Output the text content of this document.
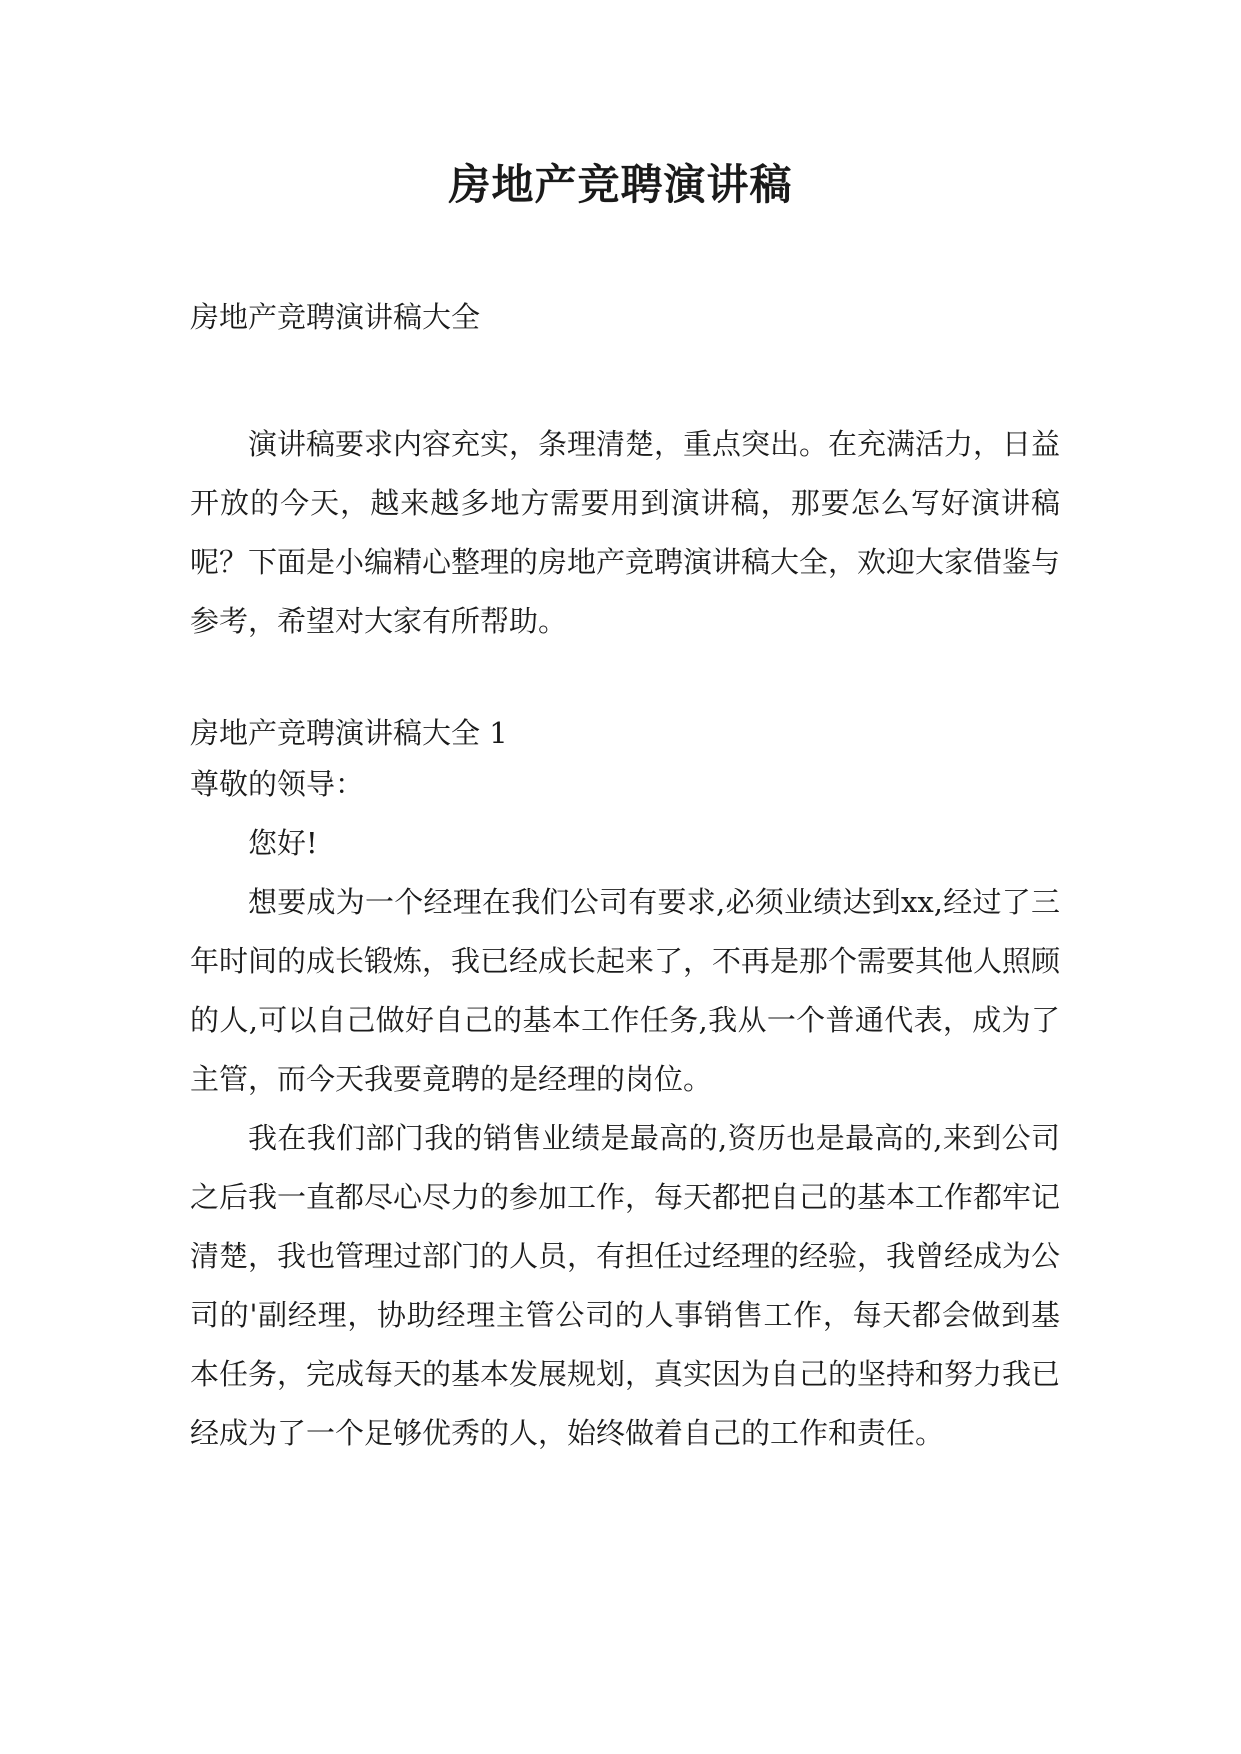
房地产竞聘演讲稿

房地产竞聘演讲稿大全

演讲稿要求内容充实，条理清楚，重点突出。在充满活力，日益开放的今天，越来越多地方需要用到演讲稿，那要怎么写好演讲稿呢？下面是小编精心整理的房地产竞聘演讲稿大全，欢迎大家借鉴与参考，希望对大家有所帮助。

房地产竞聘演讲稿大全 1

尊敬的领导：

您好!

想要成为一个经理在我们公司有要求,必须业绩达到xx,经过了三年时间的成长锻炼，我已经成长起来了，不再是那个需要其他人照顾的人,可以自己做好自己的基本工作任务,我从一个普通代表，成为了主管，而今天我要竟聘的是经理的岗位。

我在我们部门我的销售业绩是最高的,资历也是最高的,来到公司之后我一直都尽心尽力的参加工作，每天都把自己的基本工作都牢记清楚，我也管理过部门的人员，有担任过经理的经验，我曾经成为公司的'副经理，协助经理主管公司的人事销售工作，每天都会做到基本任务，完成每天的基本发展规划，真实因为自己的坚持和努力我已经成为了一个足够优秀的人，始终做着自己的工作和责任。
